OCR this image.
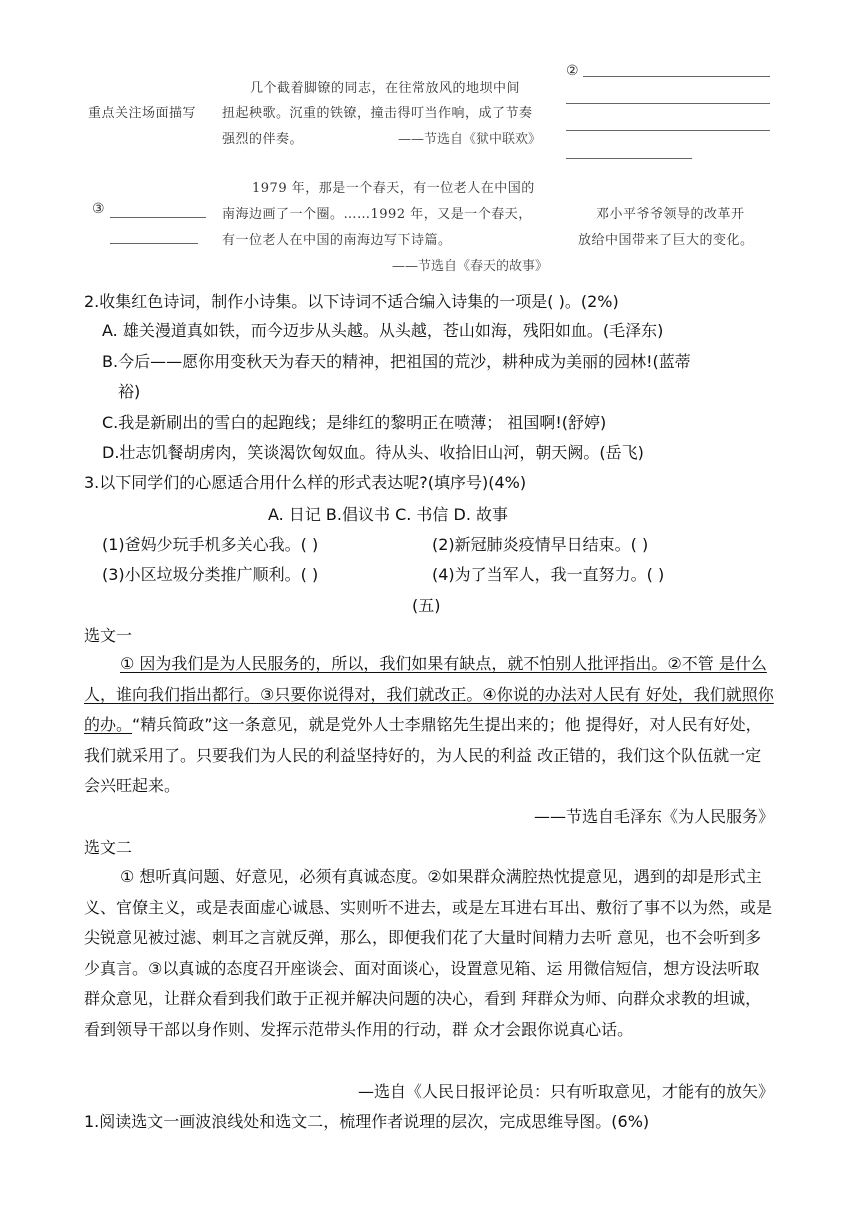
重点关注场面描写
几个截着脚镣的同志，在往常放风的地坝中间
扭起秧歌。沉重的铁镣，撞击得叮当作响，成了节奏
强烈的伴奏。	——节选自《狱中联欢》
②
③
1979 年，那是一个春天，有一位老人在中国的
南海边画了一个圈。……1992 年，又是一个春天，
有一位老人在中国的南海边写下诗篇。
——节选自《春天的故事》
邓小平爷爷领导的改革开
放给中国带来了巨大的变化。
2.收集红色诗词，制作小诗集。以下诗词不适合编入诗集的一项是( )。(2%)
A. 雄关漫道真如铁，而今迈步从头越。从头越，苍山如海，残阳如血。(毛泽东)
B.今后——愿你用变秋天为春天的精神，把祖国的荒沙，耕种成为美丽的园林!(蓝蒂
裕)
C.我是新刷出的雪白的起跑线；是绯红的黎明正在喷薄； 祖国啊!(舒婷)
D.壮志饥餐胡虏肉，笑谈渴饮匈奴血。待从头、收拾旧山河，朝天阙。(岳飞)
3.以下同学们的心愿适合用什么样的形式表达呢?(填序号)(4%)
A. 日记 B.倡议书 C. 书信 D. 故事
(1)爸妈少玩手机多关心我。( )	(2)新冠肺炎疫情早日结束。( )
(3)小区垃圾分类推广顺利。( )	(4)为了当军人，我一直努力。( )
(五)
选文一
① 因为我们是为人民服务的，所以，我们如果有缺点，就不怕别人批评指出。②不管 是什么人，谁向我们指出都行。③只要你说得对，我们就改正。④你说的办法对人民有 好处，我们就照你的办。“精兵简政”这一条意见，就是党外人士李鼎铭先生提出来的；他 提得好，对人民有好处，我们就采用了。只要我们为人民的利益坚持好的，为人民的利益 改正错的，我们这个队伍就一定会兴旺起来。
——节选自毛泽东《为人民服务》
选文二
① 想听真问题、好意见，必须有真诚态度。②如果群众满腔热忱提意见，遇到的却是形式主义、官僚主义，或是表面虚心诚恳、实则听不进去，或是左耳进右耳出、敷衍了事不以为然，或是尖锐意见被过滤、刺耳之言就反弹，那么，即便我们花了大量时间精力去听 意见，也不会听到多少真言。③以真诚的态度召开座谈会、面对面谈心，设置意见箱、运 用微信短信，想方设法听取群众意见，让群众看到我们敢于正视并解决问题的决心，看到 拜群众为师、向群众求教的坦诚，看到领导干部以身作则、发挥示范带头作用的行动，群 众才会跟你说真心话。
—选自《人民日报评论员：只有听取意见，才能有的放矢》
1.阅读选文一画波浪线处和选文二，梳理作者说理的层次，完成思维导图。(6%)
